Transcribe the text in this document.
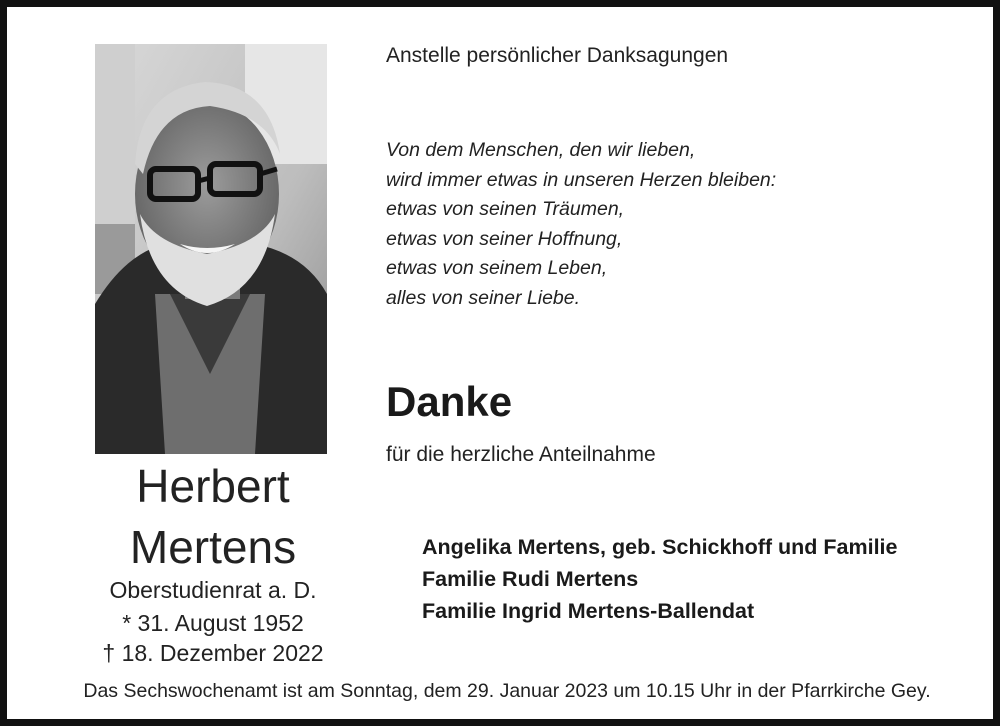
Herbert
Mertens
Oberstudienrat a. D.
* 31. August 1952
† 18. Dezember 2022
Anstelle persönlicher Danksagungen
Von dem Menschen, den wir lieben,
wird immer etwas in unseren Herzen bleiben:
etwas von seinen Träumen,
etwas von seiner Hoffnung,
etwas von seinem Leben,
alles von seiner Liebe.
Danke
für die herzliche Anteilnahme
Angelika Mertens, geb. Schickhoff und Familie
Familie Rudi Mertens
Familie Ingrid Mertens-Ballendat
Das Sechswochenamt ist am Sonntag, dem 29. Januar 2023 um 10.15 Uhr in der Pfarrkirche Gey.
